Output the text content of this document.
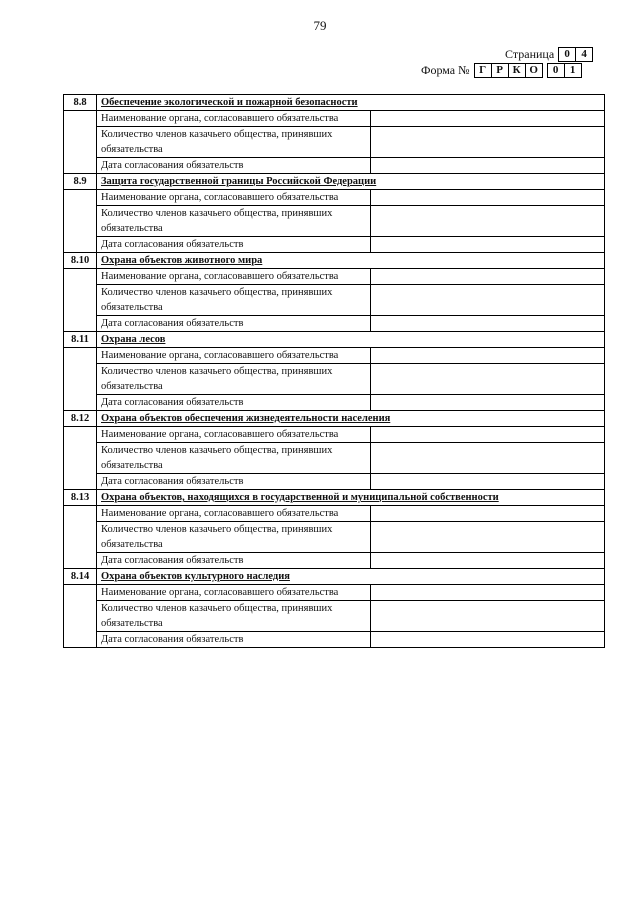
79
Страница 0	4
Форма № Г Р К О	0	1
8.8	Обеспечение экологической и пожарной безопасности	
	Наименование органа, согласовавшего обязательства	
	Количество членов казачьего общества, принявших обязательства	
	Дата согласования обязательств	
8.9	Защита государственной границы Российской Федерации	
	Наименование органа, согласовавшего обязательства	
	Количество членов казачьего общества, принявших обязательства	
	Дата согласования обязательств	
8.10	Охрана объектов животного мира	
	Наименование органа, согласовавшего обязательства	
	Количество членов казачьего общества, принявших обязательства	
	Дата согласования обязательств	
8.11	Охрана лесов	
	Наименование органа, согласовавшего обязательства	
	Количество членов казачьего общества, принявших обязательства	
	Дата согласования обязательств	
8.12	Охрана объектов обеспечения жизнедеятельности населения	
	Наименование органа, согласовавшего обязательства	
	Количество членов казачьего общества, принявших обязательства	
	Дата согласования обязательств	
8.13	Охрана объектов, находящихся в государственной и муниципальной собственности	
	Наименование органа, согласовавшего обязательства	
	Количество членов казачьего общества, принявших обязательства	
	Дата согласования обязательств	
8.14	Охрана объектов культурного наследия	
	Наименование органа, согласовавшего обязательства	
	Количество членов казачьего общества, принявших обязательства	
	Дата согласования обязательств	
